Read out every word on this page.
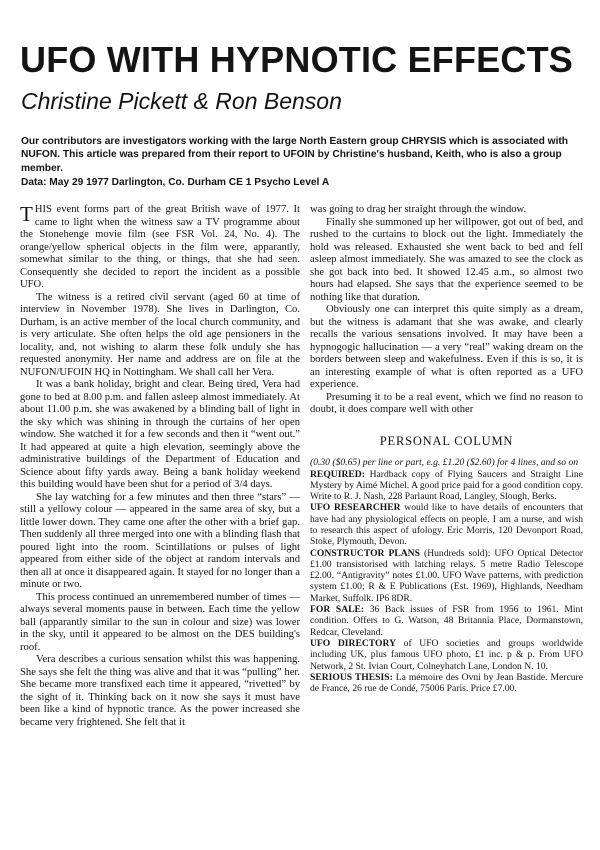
UFO WITH HYPNOTIC EFFECTS
Christine Pickett & Ron Benson

Our contributors are investigators working with the large North Eastern group CHRYSIS which is associated with NUFON. This article was prepared from their report to UFOIN by Christine's husband, Keith, who is also a group member.

Data: May 29 1977 Darlington, Co. Durham CE 1 Psycho Level A

THIS event forms part of the great British wave of 1977. It came to light when the witness saw a TV programme about the Stonehenge movie film (see FSR Vol. 24, No. 4). The orange/yellow spherical objects in the film were, apparantly, somewhat similar to the thing, or things, that she had seen. Consequently she decided to report the incident as a possible UFO.

The witness is a retired civil servant (aged 60 at time of interview in November 1978). She lives in Darlington, Co. Durham, is an active member of the local church community, and is very articulate. She often helps the old age pensioners in the locality, and, not wishing to alarm these folk unduly she has requested anonymity. Her name and address are on file at the NUFON/UFOIN HQ in Nottingham. We shall call her Vera.

It was a bank holiday, bright and clear. Being tired, Vera had gone to bed at 8.00 p.m. and fallen asleep almost immediately. At about 11.00 p.m. she was awakened by a blinding ball of light in the sky which was shining in through the curtains of her open window. She watched it for a few seconds and then it “went out.” It had appeared at quite a high elevation, seemingly above the administrative buildings of the Department of Education and Science about fifty yards away. Being a bank holiday weekend this building would have been shut for a period of 3/4 days.

She lay watching for a few minutes and then three “stars” — still a yellowy colour — appeared in the same area of sky, but a little lower down. They came one after the other with a brief gap. Then suddenly all three merged into one with a blinding flash that poured light into the room. Scintillations or pulses of light appeared from either side of the object at random intervals and then all at once it disappeared again. It stayed for no longer than a minute or two.

This process continued an unremembered number of times — always several moments pause in between. Each time the yellow ball (apparantly similar to the sun in colour and size) was lower in the sky, until it appeared to be almost on the DES building's roof.

Vera describes a curious sensation whilst this was happening. She says she felt the thing was alive and that it was “pulling” her. She became more transfixed each time it appeared, “rivetted” by the sight of it. Thinking back on it now she says it must have been like a kind of hypnotic trance. As the power increased she became very frightened. She felt that it

was going to drag her straight through the window.

Finally she summoned up her willpower, got out of bed, and rushed to the curtains to block out the light. Immediately the hold was released. Exhausted she went back to bed and fell asleep almost immediately. She was amazed to see the clock as she got back into bed. It showed 12.45 a.m., so almost two hours had elapsed. She says that the experience seemed to be nothing like that duration.

Obviously one can interpret this quite simply as a dream, but the witness is adamant that she was awake, and clearly recalls the various sensations involved. It may have been a hypnogogic hallucination — a very “real” waking dream on the borders between sleep and wakefulness. Even if this is so, it is an interesting example of what is often reported as a UFO experience.

Presuming it to be a real event, which we find no reason to doubt, it does compare well with other

PERSONAL COLUMN

(0.30 ($0.65) per line or part, e.g. £1.20 ($2.60) for 4 lines, and so on

REQUIRED: Hardback copy of Flying Saucers and Straight Line Mystery by Aimé Michel. A good price paid for a good condition copy. Write to R. J. Nash, 228 Parlaunt Road, Langley, Slough, Berks.

UFO RESEARCHER would like to have details of encounters that have had any physiological effects on people. I am a nurse, and wish to research this aspect of ufology. Eric Morris, 120 Devonport Road, Stoke, Plymouth, Devon.

CONSTRUCTOR PLANS (Hundreds sold): UFO Optical Detector £1.00 transistorised with latching relays. 5 metre Radio Telescope £2.00. “Antigravity” notes £1.00. UFO Wave patterns, with prediction system £1.00; R & E Publications (Est. 1969), Highlands, Needham Market, Suffolk. IP6 8DR.

FOR SALE: 36 Back issues of FSR from 1956 to 1961. Mint condition. Offers to G. Watson, 48 Britannia Place, Dormanstown, Redcar, Cleveland.

UFO DIRECTORY of UFO societies and groups worldwide including UK, plus famous UFO photo, £1 inc. p & p. From UFO Network, 2 St. Ivian Court, Colneyhatch Lane, London N. 10.

SERIOUS THESIS: La mémoire des Ovni by Jean Bastide. Mercure de France, 26 rue de Condé, 75006 Paris. Price £7.00.
